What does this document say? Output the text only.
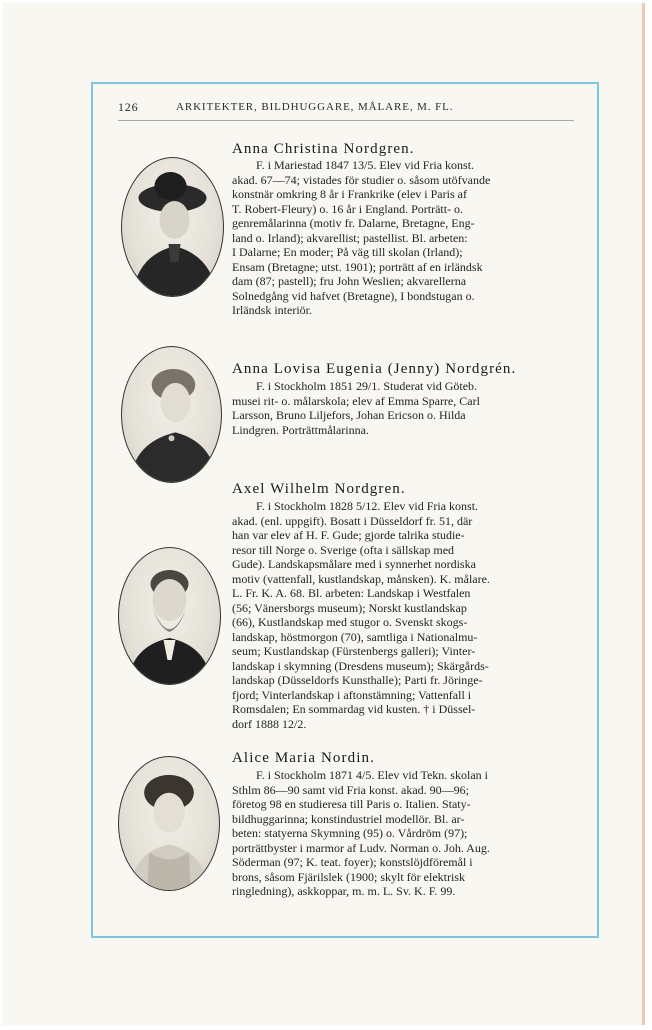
126	ARKITEKTER, BILDHUGGARE, MÅLARE, M. FL.
Anna Christina Nordgren.
F. i Mariestad 1847 13/5. Elev vid Fria konst.
akad. 67—74; vistades för studier o. såsom utöfvande
konstnär omkring 8 år i Frankrike (elev i Paris af
T. Robert-Fleury) o. 16 år i England. Porträtt- o.
genremålarinna (motiv fr. Dalarne, Bretagne, Eng-
land o. Irland); akvarellist; pastellist. Bl. arbeten:
I Dalarne; En moder; På väg till skolan (Irland);
Ensam (Bretagne; utst. 1901); porträtt af en irländsk
dam (87; pastell); fru John Weslien; akvarellerna
Solnedgång vid hafvet (Bretagne), I bondstugan o.
Irländsk interiör.
Anna Lovisa Eugenia (Jenny) Nordgrén.
F. i Stockholm 1851 29/1. Studerat vid Göteb.
musei rit- o. målarskola; elev af Emma Sparre, Carl
Larsson, Bruno Liljefors, Johan Ericson o. Hilda
Lindgren. Porträttmålarinna.
Axel Wilhelm Nordgren.
F. i Stockholm 1828 5/12. Elev vid Fria konst.
akad. (enl. uppgift). Bosatt i Düsseldorf fr. 51, där
han var elev af H. F. Gude; gjorde talrika studie-
resor till Norge o. Sverige (ofta i sällskap med
Gude). Landskapsmålare med i synnerhet nordiska
motiv (vattenfall, kustlandskap, månsken). K. målare.
L. Fr. K. A. 68. Bl. arbeten: Landskap i Westfalen
(56; Vänersborgs museum); Norskt kustlandskap
(66), Kustlandskap med stugor o. Svenskt skogs-
landskap, höstmorgon (70), samtliga i Nationalmu-
seum; Kustlandskap (Fürstenbergs galleri); Vinter-
landskap i skymning (Dresdens museum); Skärgårds-
landskap (Düsseldorfs Kunsthalle); Parti fr. Jöringe-
fjord; Vinterlandskap i aftonstämning; Vattenfall i
Romsdalen; En sommardag vid kusten. † i Düssel-
dorf 1888 12/2.
Alice Maria Nordin.
F. i Stockholm 1871 4/5. Elev vid Tekn. skolan i
Sthlm 86—90 samt vid Fria konst. akad. 90—96;
företog 98 en studieresa till Paris o. Italien. Staty-
bildhuggarinna; konstindustriel modellör. Bl. ar-
beten: statyerna Skymning (95) o. Vårdröm (97);
porträttbyster i marmor af Ludv. Norman o. Joh. Aug.
Söderman (97; K. teat. foyer); konstslöjdföremål i
brons, såsom Fjärilslek (1900; skylt för elektrisk
ringledning), askkoppar, m. m. L. Sv. K. F. 99.
